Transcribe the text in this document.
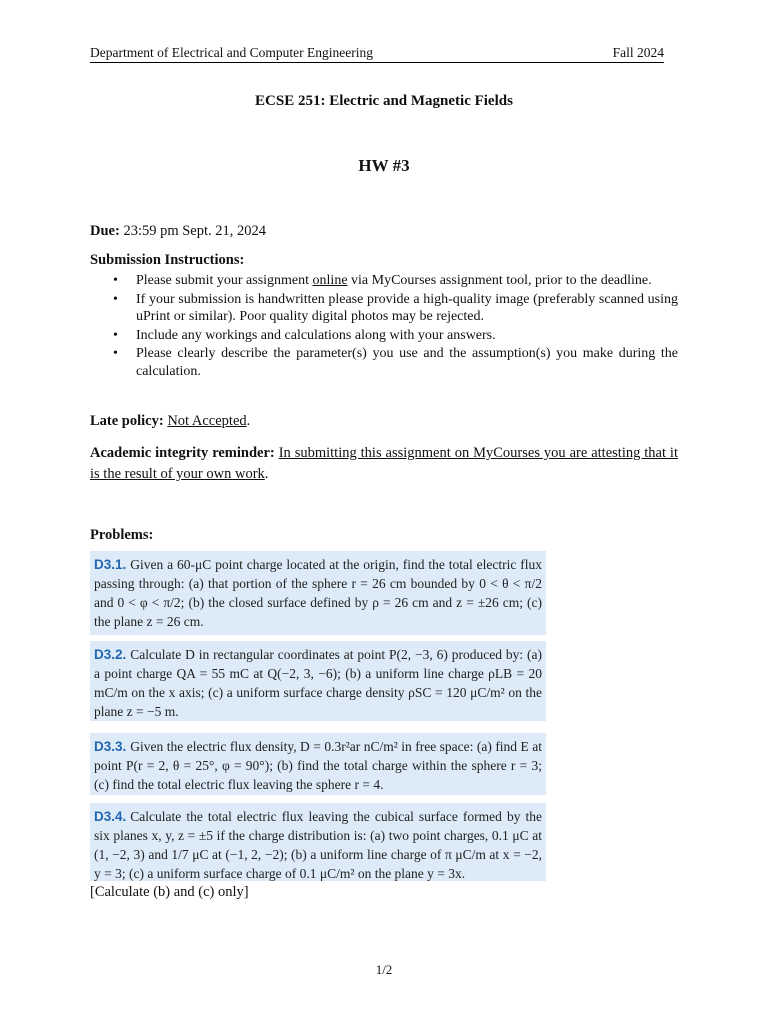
Department of Electrical and Computer Engineering	Fall 2024
ECSE 251: Electric and Magnetic Fields
HW #3
Due: 23:59 pm Sept. 21, 2024
Submission Instructions:
• Please submit your assignment online via MyCourses assignment tool, prior to the deadline.
• If your submission is handwritten please provide a high-quality image (preferably scanned using uPrint or similar). Poor quality digital photos may be rejected.
• Include any workings and calculations along with your answers.
• Please clearly describe the parameter(s) you use and the assumption(s) you make during the calculation.
Late policy: Not Accepted.
Academic integrity reminder: In submitting this assignment on MyCourses you are attesting that it is the result of your own work.
Problems:
D3.1. Given a 60-μC point charge located at the origin, find the total electric flux passing through: (a) that portion of the sphere r = 26 cm bounded by 0 < θ < π/2 and 0 < φ < π/2; (b) the closed surface defined by ρ = 26 cm and z = ±26 cm; (c) the plane z = 26 cm.
D3.2. Calculate D in rectangular coordinates at point P(2, −3, 6) produced by: (a) a point charge QA = 55 mC at Q(−2, 3, −6); (b) a uniform line charge ρLB = 20 mC/m on the x axis; (c) a uniform surface charge density ρSC = 120 μC/m² on the plane z = −5 m.
D3.3. Given the electric flux density, D = 0.3r²ar nC/m² in free space: (a) find E at point P(r = 2, θ = 25°, φ = 90°); (b) find the total charge within the sphere r = 3; (c) find the total electric flux leaving the sphere r = 4.
D3.4. Calculate the total electric flux leaving the cubical surface formed by the six planes x, y, z = ±5 if the charge distribution is: (a) two point charges, 0.1 μC at (1, −2, 3) and 1/7 μC at (−1, 2, −2); (b) a uniform line charge of π μC/m at x = −2, y = 3; (c) a uniform surface charge of 0.1 μC/m² on the plane y = 3x.
[Calculate (b) and (c) only]
1/2
